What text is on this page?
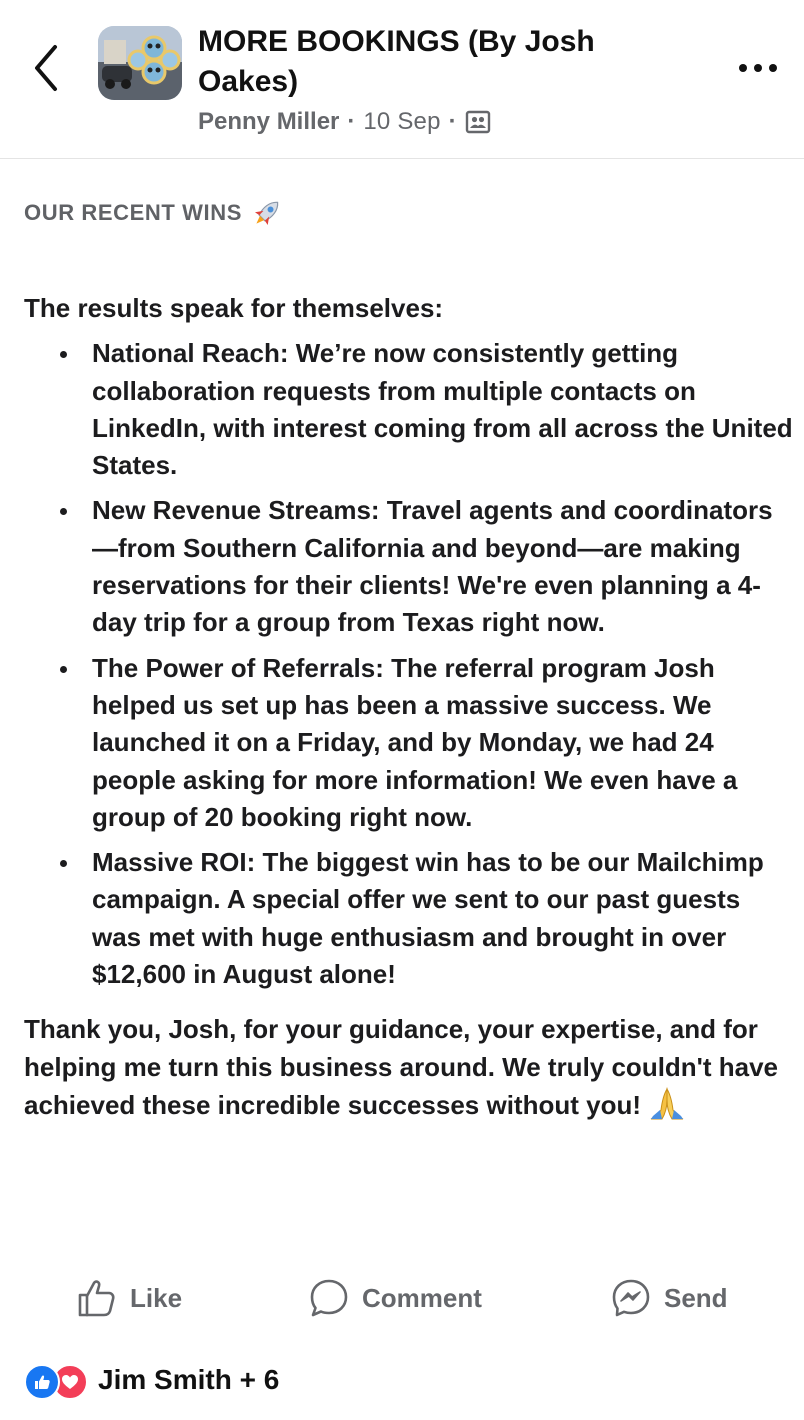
MORE BOOKINGS (By Josh Oakes)
Penny Miller · 10 Sep ·
OUR RECENT WINS

The results speak for themselves:

National Reach: We’re now consistently getting collaboration requests from multiple contacts on LinkedIn, with interest coming from all across the United States.
New Revenue Streams: Travel agents and coordinators—from Southern California and beyond—are making reservations for their clients! We're even planning a 4-day trip for a group from Texas right now.
The Power of Referrals: The referral program Josh helped us set up has been a massive success. We launched it on a Friday, and by Monday, we had 24 people asking for more information! We even have a group of 20 booking right now.
Massive ROI: The biggest win has to be our Mailchimp campaign. A special offer we sent to our past guests was met with huge enthusiasm and brought in over $12,600 in August alone!

Thank you, Josh, for your guidance, your expertise, and for helping me turn this business around. We truly couldn't have achieved these incredible successes without you!

Like	Comment	Send
Jim Smith + 6
